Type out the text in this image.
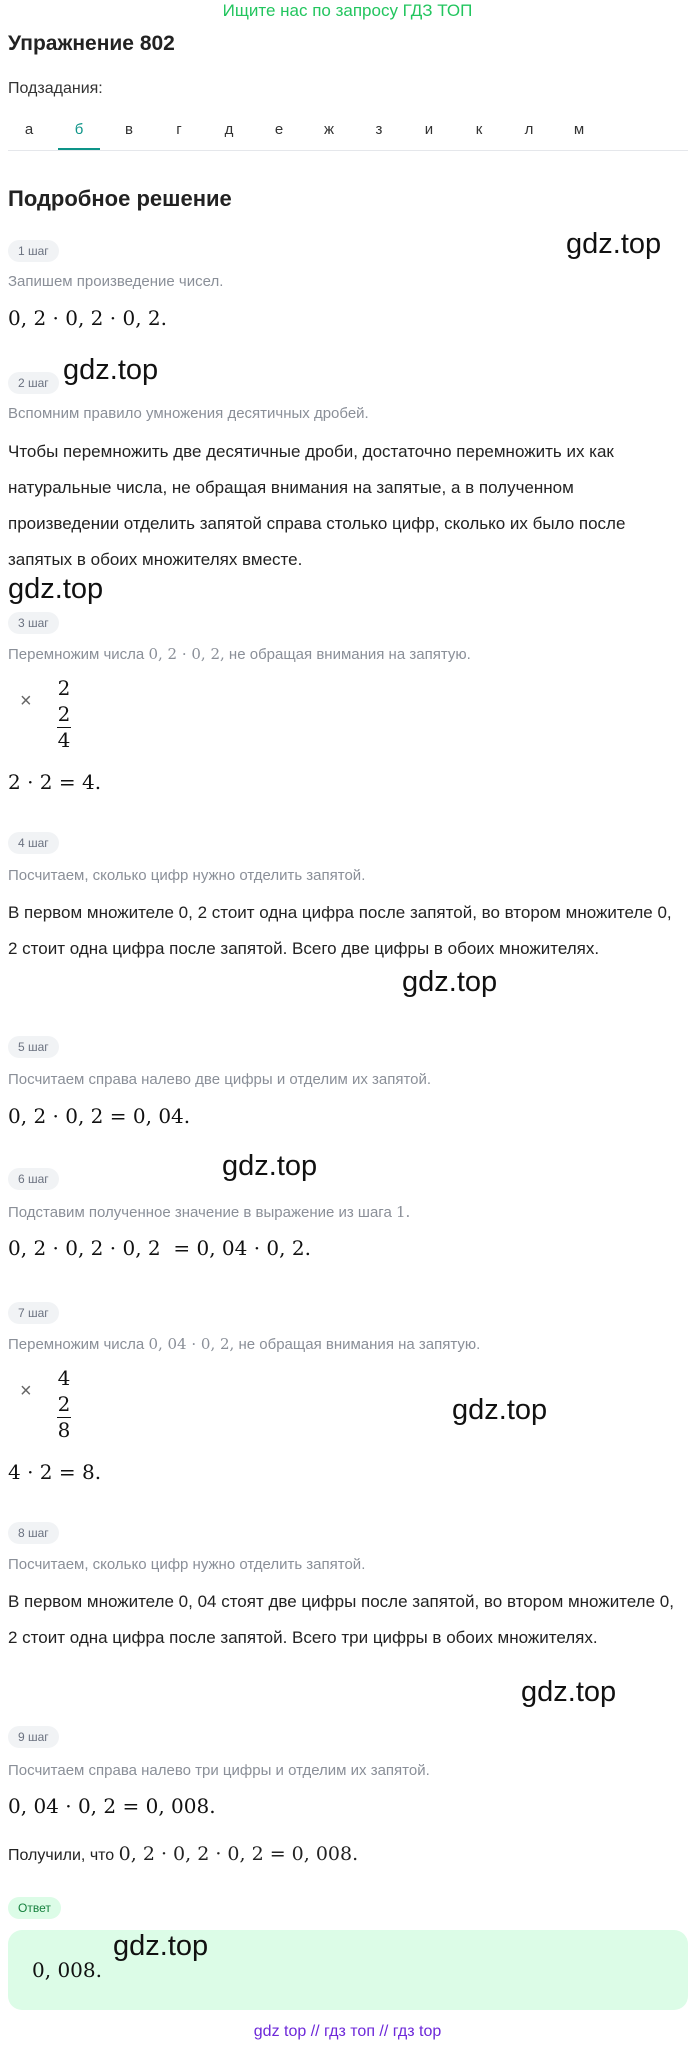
Ищите нас по запросу ГДЗ ТОП
Упражнение 802
Подзадания:
а	б	в	г	д	е	ж	з	и	к	л	м
Подробное решение
1 шаг
Запишем произведение чисел.
0, 2 · 0, 2 · 0, 2.
gdz.top
2 шаг gdz.top
Вспомним правило умножения десятичных дробей.
Чтобы перемножить две десятичные дроби, достаточно перемножить их как натуральные числа, не обращая внимания на запятые, а в полученном произведении отделить запятой справа столько цифр, сколько их было после запятых в обоих множителях вместе.
gdz.top
3 шаг
Перемножим числа 0, 2 · 0, 2, не обращая внимания на запятую.
×
2
2
4
2 · 2 = 4.
4 шаг
Посчитаем, сколько цифр нужно отделить запятой.
В первом множителе 0, 2 стоит одна цифра после запятой, во втором множителе 0, 2 стоит одна цифра после запятой. Всего две цифры в обоих множителях.
gdz.top
5 шаг
Посчитаем справа налево две цифры и отделим их запятой.
0, 2 · 0, 2 = 0, 04.
gdz.top
6 шаг
Подставим полученное значение в выражение из шага 1.
0, 2 · 0, 2 · 0, 2  = 0, 04 · 0, 2.
7 шаг
Перемножим числа 0, 04 · 0, 2, не обращая внимания на запятую.
×
4
2
8
gdz.top
4 · 2 = 8.
8 шаг
Посчитаем, сколько цифр нужно отделить запятой.
В первом множителе 0, 04 стоят две цифры после запятой, во втором множителе 0, 2 стоит одна цифра после запятой. Всего три цифры в обоих множителях.
gdz.top
9 шаг
Посчитаем справа налево три цифры и отделим их запятой.
0, 04 · 0, 2 = 0, 008.
Получили, что 0, 2 · 0, 2 · 0, 2 = 0, 008.
Ответ
0, 008.
gdz.top
gdz top // гдз топ // гдз top
